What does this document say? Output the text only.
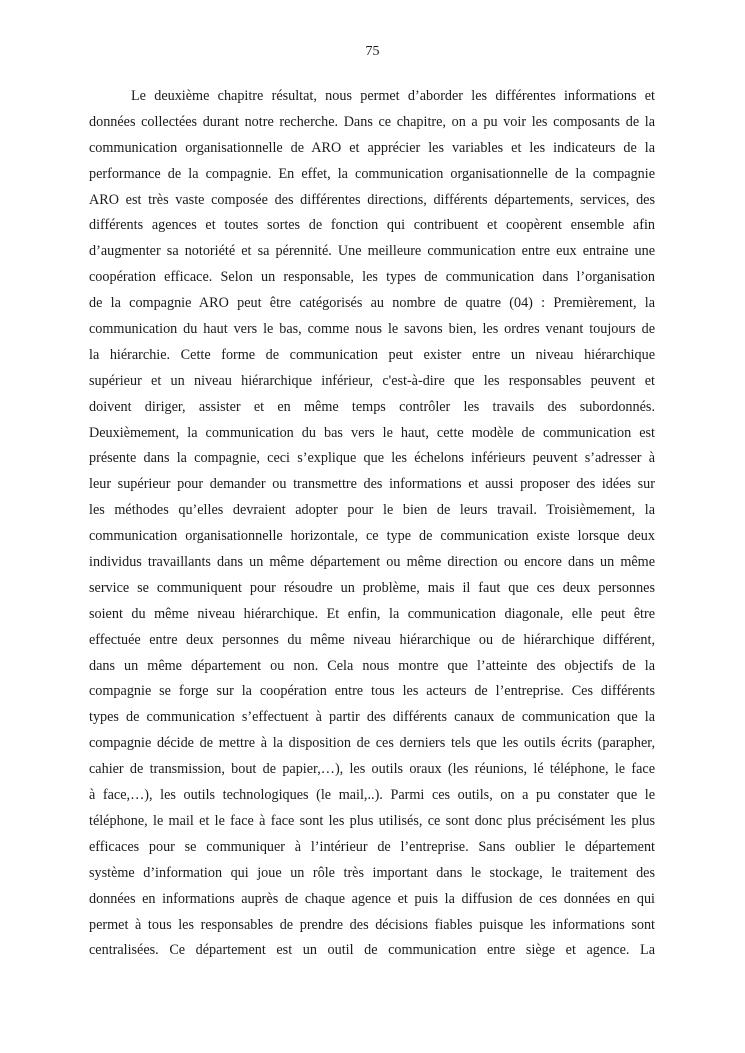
75
Le deuxième chapitre résultat, nous permet d’aborder les différentes informations et
données collectées durant notre recherche. Dans ce chapitre, on a pu voir les composants de la
communication organisationnelle de ARO et apprécier les variables et les indicateurs de la
performance de la compagnie. En effet, la communication organisationnelle de la compagnie
ARO est très vaste composée des différentes directions, différents départements, services, des
différents agences et toutes sortes de fonction qui contribuent et coopèrent ensemble afin
d’augmenter sa notoriété et sa pérennité. Une meilleure communication entre eux entraine une
coopération efficace. Selon un responsable, les types de communication dans l’organisation
de la compagnie ARO peut être catégorisés au nombre de quatre (04) : Premièrement, la
communication du haut vers le bas, comme nous le savons bien, les ordres venant toujours de
la hiérarchie. Cette forme de communication peut exister entre un niveau hiérarchique
supérieur et un niveau hiérarchique inférieur, c'est-à-dire que les responsables peuvent et
doivent diriger, assister et en même temps contrôler les travails des subordonnés.
Deuxièmement, la communication du bas vers le haut, cette modèle de communication est
présente dans la compagnie, ceci s’explique que les échelons inférieurs peuvent s’adresser à
leur supérieur pour demander ou transmettre des informations et aussi proposer des idées sur
les méthodes qu’elles devraient adopter pour le bien de leurs travail. Troisièmement, la
communication organisationnelle horizontale, ce type de communication existe lorsque deux
individus travaillants dans un même département ou même direction ou encore dans un même
service se communiquent pour résoudre un problème, mais il faut que ces deux personnes
soient du même niveau hiérarchique. Et enfin, la communication diagonale, elle peut être
effectuée entre deux personnes du même niveau hiérarchique ou de hiérarchique différent,
dans un même département ou non. Cela nous montre que l’atteinte des objectifs de la
compagnie se forge sur la coopération entre tous les acteurs de l’entreprise. Ces différents
types de communication s’effectuent à partir des différents canaux de communication que la
compagnie décide de mettre à la disposition de ces derniers tels que les outils écrits (parapher,
cahier de transmission, bout de papier,…), les outils oraux (les réunions, lé téléphone, le face
à face,…), les outils technologiques (le mail,..). Parmi ces outils, on a pu constater que le
téléphone, le mail et le face à face sont les plus utilisés, ce sont donc plus précisément les plus
efficaces pour se communiquer à l’intérieur de l’entreprise. Sans oublier le département
système d’information qui joue un rôle très important dans le stockage, le traitement des
données en informations auprès de chaque agence et puis la diffusion de ces données en qui
permet à tous les responsables de prendre des décisions fiables puisque les informations sont
centralisées. Ce département est un outil de communication entre siège et agence. La
